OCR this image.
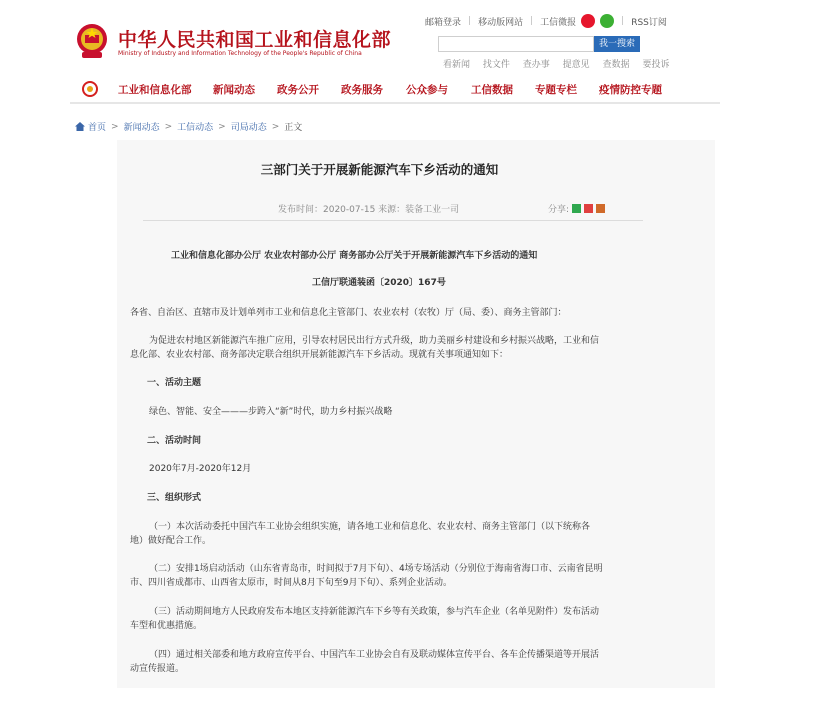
中华人民共和国工业和信息化部
Ministry of Industry and Information Technology of the People's Republic of China
邮箱登录 | 移动版网站 | 工信微报	| RSS订阅
我一搜索
看新闻 找文件 查办事 提意见 查数据 要投诉
工业和信息化部 新闻动态 政务公开 政务服务 公众参与 工信数据 专题专栏 疫情防控专题
首页 > 新闻动态 > 工信动态 > 司局动态 > 正文
三部门关于开展新能源汽车下乡活动的通知
发布时间：2020-07-15 来源：装备工业一司	分享:
工业和信息化部办公厅 农业农村部办公厅 商务部办公厅关于开展新能源汽车下乡活动的通知
工信厅联通装函〔2020〕167号
各省、自治区、直辖市及计划单列市工业和信息化主管部门、农业农村（农牧）厅（局、委）、商务主管部门：
为促进农村地区新能源汽车推广应用，引导农村居民出行方式升级，助力美丽乡村建设和乡村振兴战略，工业和信
息化部、农业农村部、商务部决定联合组织开展新能源汽车下乡活动。现就有关事项通知如下：
一、活动主题
绿色、智能、安全———步跨入“新”时代，助力乡村振兴战略
二、活动时间
2020年7月-2020年12月
三、组织形式
（一）本次活动委托中国汽车工业协会组织实施，请各地工业和信息化、农业农村、商务主管部门（以下统称各
地）做好配合工作。
（二）安排1场启动活动（山东省青岛市，时间拟于7月下旬）、4场专场活动（分别位于海南省海口市、云南省昆明
市、四川省成都市、山西省太原市，时间从8月下旬至9月下旬）、系列企业活动。
（三）活动期间地方人民政府发布本地区支持新能源汽车下乡等有关政策，参与汽车企业（名单见附件）发布活动
车型和优惠措施。
（四）通过相关部委和地方政府宣传平台、中国汽车工业协会自有及联动媒体宣传平台、各车企传播渠道等开展活
动宣传报道。
